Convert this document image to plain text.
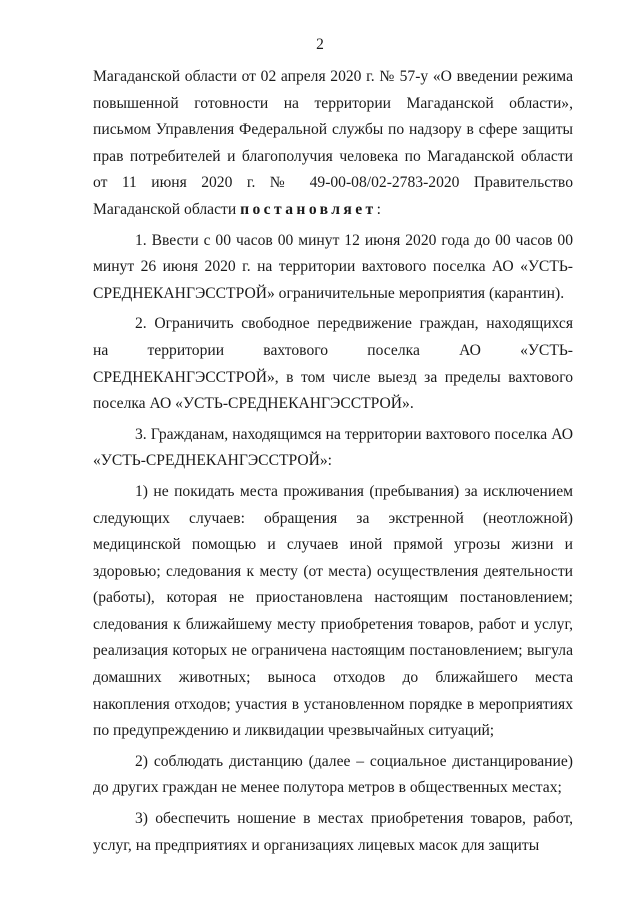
2

Магаданской области от 02 апреля 2020 г. № 57-у «О введении режима повышенной готовности на территории Магаданской области», письмом Управления Федеральной службы по надзору в сфере защиты прав потребителей и благополучия человека по Магаданской области от 11 июня 2020 г. № 49-00-08/02-2783-2020 Правительство Магаданской области постановляет:

1. Ввести с 00 часов 00 минут 12 июня 2020 года до 00 часов 00 минут 26 июня 2020 г. на территории вахтового поселка АО «УСТЬ-СРЕДНЕКАНГЭССТРОЙ» ограничительные мероприятия (карантин).

2. Ограничить свободное передвижение граждан, находящихся на территории вахтового поселка АО «УСТЬ-СРЕДНЕКАНГЭССТРОЙ», в том числе выезд за пределы вахтового поселка АО «УСТЬ-СРЕДНЕКАНГЭССТРОЙ».

3. Гражданам, находящимся на территории вахтового поселка АО «УСТЬ-СРЕДНЕКАНГЭССТРОЙ»:

1) не покидать места проживания (пребывания) за исключением следующих случаев: обращения за экстренной (неотложной) медицинской помощью и случаев иной прямой угрозы жизни и здоровью; следования к месту (от места) осуществления деятельности (работы), которая не приостановлена настоящим постановлением; следования к ближайшему месту приобретения товаров, работ и услуг, реализация которых не ограничена настоящим постановлением; выгула домашних животных; выноса отходов до ближайшего места накопления отходов; участия в установленном порядке в мероприятиях по предупреждению и ликвидации чрезвычайных ситуаций;

2) соблюдать дистанцию (далее – социальное дистанцирование) до других граждан не менее полутора метров в общественных местах;

3) обеспечить ношение в местах приобретения товаров, работ, услуг, на предприятиях и организациях лицевых масок для защиты
